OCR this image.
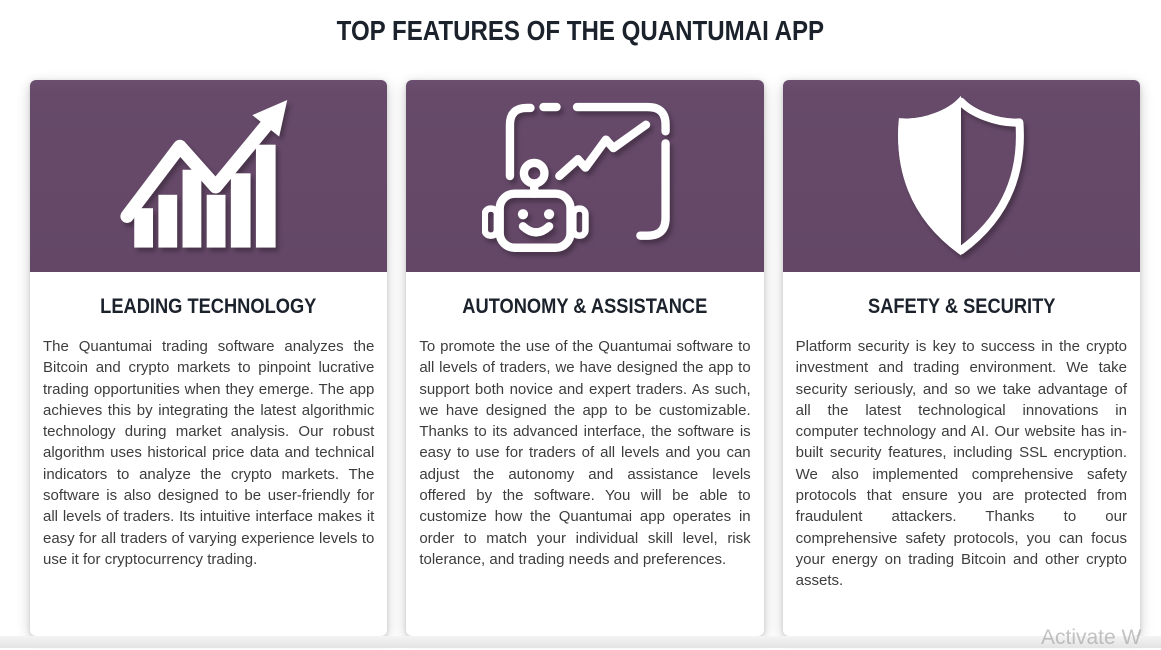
TOP FEATURES OF THE QUANTUMAI APP
LEADING TECHNOLOGY
The Quantumai trading software analyzes the Bitcoin and crypto markets to pinpoint lucrative trading opportunities when they emerge. The app achieves this by integrating the latest algorithmic technology during market analysis. Our robust algorithm uses historical price data and technical indicators to analyze the crypto markets. The software is also designed to be user-friendly for all levels of traders. Its intuitive interface makes it easy for all traders of varying experience levels to use it for cryptocurrency trading.
AUTONOMY & ASSISTANCE
To promote the use of the Quantumai software to all levels of traders, we have designed the app to support both novice and expert traders. As such, we have designed the app to be customizable. Thanks to its advanced interface, the software is easy to use for traders of all levels and you can adjust the autonomy and assistance levels offered by the software. You will be able to customize how the Quantumai app operates in order to match your individual skill level, risk tolerance, and trading needs and preferences.
SAFETY & SECURITY
Platform security is key to success in the crypto investment and trading environment. We take security seriously, and so we take advantage of all the latest technological innovations in computer technology and AI. Our website has in-built security features, including SSL encryption. We also implemented comprehensive safety protocols that ensure you are protected from fraudulent attackers. Thanks to our comprehensive safety protocols, you can focus your energy on trading Bitcoin and other crypto assets.
Activate W
